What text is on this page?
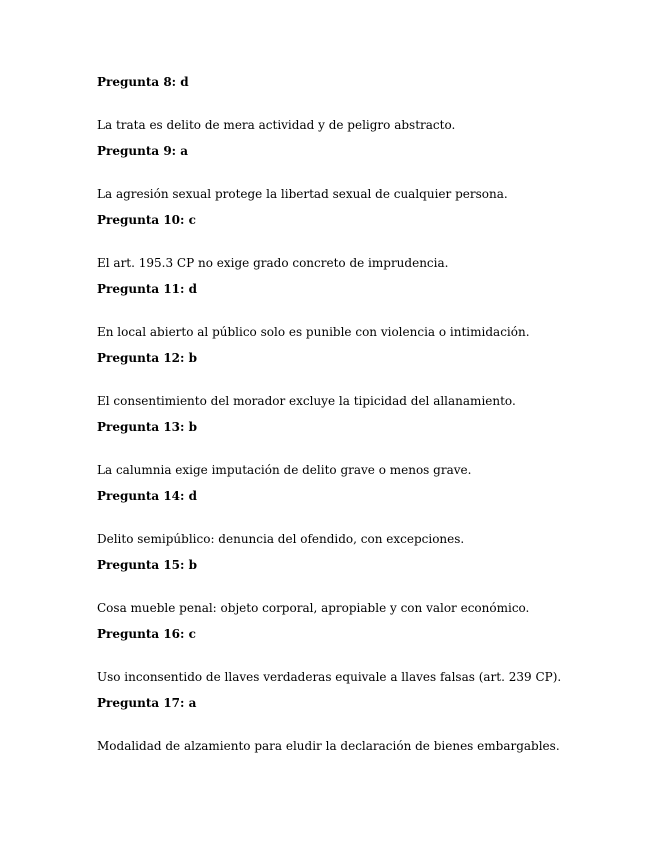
Pregunta 8: d
La trata es delito de mera actividad y de peligro abstracto.
Pregunta 9: a
La agresión sexual protege la libertad sexual de cualquier persona.
Pregunta 10: c
El art. 195.3 CP no exige grado concreto de imprudencia.
Pregunta 11: d
En local abierto al público solo es punible con violencia o intimidación.
Pregunta 12: b
El consentimiento del morador excluye la tipicidad del allanamiento.
Pregunta 13: b
La calumnia exige imputación de delito grave o menos grave.
Pregunta 14: d
Delito semipúblico: denuncia del ofendido, con excepciones.
Pregunta 15: b
Cosa mueble penal: objeto corporal, apropiable y con valor económico.
Pregunta 16: c
Uso inconsentido de llaves verdaderas equivale a llaves falsas (art. 239 CP).
Pregunta 17: a
Modalidad de alzamiento para eludir la declaración de bienes embargables.
